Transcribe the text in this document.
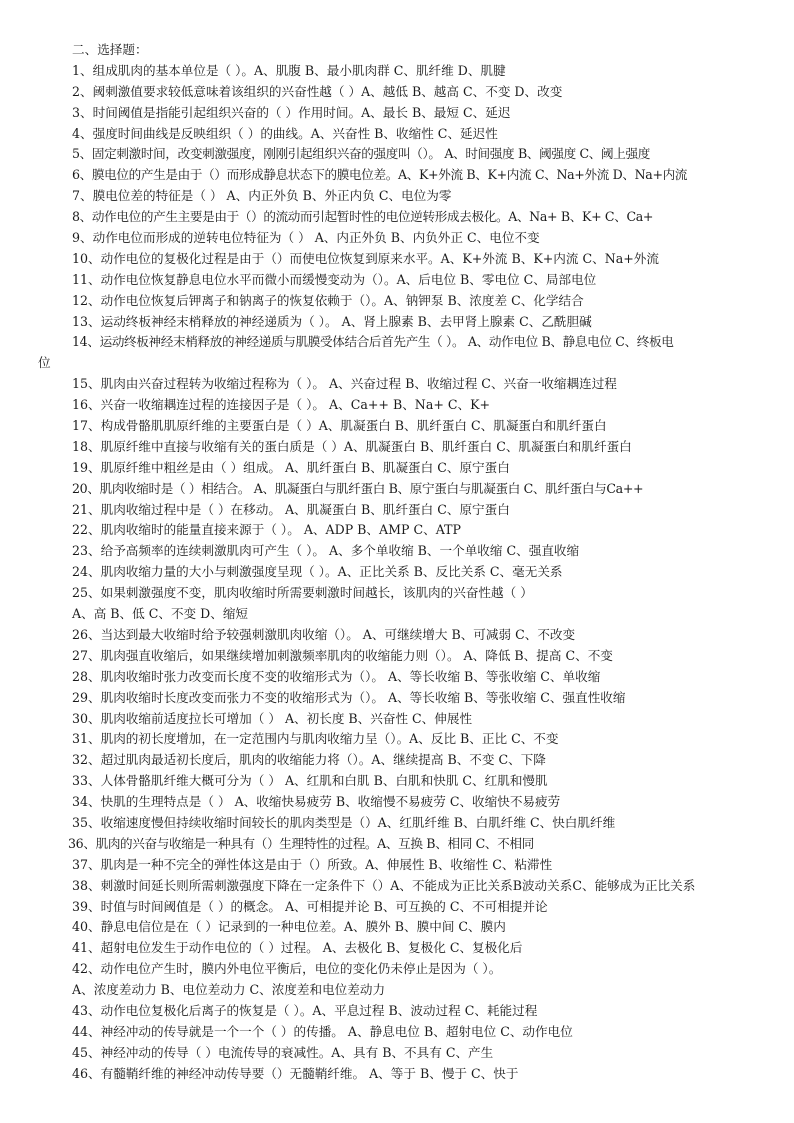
二、选择题：
1、组成肌肉的基本单位是（ ）。A、肌腹 B、最小肌肉群 C、肌纤维 D、肌腱
2、阈刺激值要求较低意味着该组织的兴奋性越（ ）A、越低 B、越高 C、不变 D、改变
3、时间阈值是指能引起组织兴奋的（ ）作用时间。A、最长 B、最短 C、延迟
4、强度时间曲线是反映组织（ ）的曲线。A、兴奋性 B、收缩性 C、延迟性
5、固定刺激时间，改变刺激强度，刚刚引起组织兴奋的强度叫（）。 A、时间强度 B、阈强度 C、阈上强度
6、膜电位的产生是由于（）而形成静息状态下的膜电位差。A、K+外流 B、K+内流 C、Na+外流 D、Na+内流
7、膜电位差的特征是（ ） A、内正外负 B、外正内负 C、电位为零
8、动作电位的产生主要是由于（）的流动而引起暂时性的电位逆转形成去极化。A、Na+ B、K+ C、Ca+
9、动作电位而形成的逆转电位特征为（ ） A、内正外负 B、内负外正 C、电位不变
10、动作电位的复极化过程是由于（）而使电位恢复到原来水平。A、K+外流 B、K+内流 C、Na+外流
11、动作电位恢复静息电位水平而微小而缓慢变动为（）。A、后电位 B、零电位 C、局部电位
12、动作电位恢复后钾离子和钠离子的恢复依赖于（）。A、钠钾泵 B、浓度差 C、化学结合
13、运动终板神经末梢释放的神经递质为（ ）。 A、肾上腺素 B、去甲肾上腺素 C、乙酰胆碱
14、运动终板神经末梢释放的神经递质与肌膜受体结合后首先产生（ ）。 A、动作电位 B、静息电位 C、终板电
位
15、肌肉由兴奋过程转为收缩过程称为（ ）。 A、兴奋过程 B、收缩过程 C、兴奋一收缩耦连过程
16、兴奋一收缩耦连过程的连接因子是（ ）。 A、Ca++ B、Na+ C、K+
17、构成骨骼肌肌原纤维的主要蛋白是（ ）A、肌凝蛋白 B、肌纤蛋白 C、肌凝蛋白和肌纤蛋白
18、肌原纤维中直接与收缩有关的蛋白质是（ ）A、肌凝蛋白 B、肌纤蛋白 C、肌凝蛋白和肌纤蛋白
19、肌原纤维中粗丝是由（ ）组成。 A、肌纤蛋白 B、肌凝蛋白 C、原宁蛋白
20、肌肉收缩时是（ ）相结合。 A、肌凝蛋白与肌纤蛋白 B、原宁蛋白与肌凝蛋白 C、肌纤蛋白与Ca++
21、肌肉收缩过程中是（ ）在移动。 A、肌凝蛋白 B、肌纤蛋白 C、原宁蛋白
22、肌肉收缩时的能量直接来源于（ ）。 A、ADP B、AMP C、ATP
23、给予高频率的连续刺激肌肉可产生（ ）。 A、多个单收缩 B、一个单收缩 C、强直收缩
24、肌肉收缩力量的大小与刺激强度呈现（ ）。A、正比关系 B、反比关系 C、毫无关系
25、如果刺激强度不变，肌肉收缩时所需要刺激时间越长，该肌肉的兴奋性越（ ）
A、高 B、低 C、不变 D、缩短
26、当达到最大收缩时给予较强刺激肌肉收缩（）。 A、可继续增大 B、可减弱 C、不改变
27、肌肉强直收缩后，如果继续增加刺激频率肌肉的收缩能力则（）。 A、降低 B、提高 C、不变
28、肌肉收缩时张力改变而长度不变的收缩形式为（）。 A、等长收缩 B、等张收缩 C、单收缩
29、肌肉收缩时长度改变而张力不变的收缩形式为（）。 A、等长收缩 B、等张收缩 C、强直性收缩
30、肌肉收缩前适度拉长可增加（ ） A、初长度 B、兴奋性 C、伸展性
31、肌肉的初长度增加，在一定范围内与肌肉收缩力呈（）。A、反比 B、正比 C、不变
32、超过肌肉最适初长度后，肌肉的收缩能力将（）。A、继续提高 B、不变 C、下降
33、人体骨骼肌纤维大概可分为（ ） A、红肌和白肌 B、白肌和快肌 C、红肌和慢肌
34、快肌的生理特点是（ ） A、收缩快易疲劳 B、收缩慢不易疲劳 C、收缩快不易疲劳
35、收缩速度慢但持续收缩时间较长的肌肉类型是（）A、红肌纤维 B、白肌纤维 C、快白肌纤维
36、肌肉的兴奋与收缩是一种具有（）生理特性的过程。A、互换 B、相同 C、不相同
37、肌肉是一种不完全的弹性体这是由于（）所致。A、伸展性 B、收缩性 C、粘滞性
38、刺激时间延长则所需刺激强度下降在一定条件下（）A、不能成为正比关系B波动关系C、能够成为正比关系
39、时值与时间阈值是（ ）的概念。 A、可相提并论 B、可互换的 C、不可相提并论
40、静息电信位是在（ ）记录到的一种电位差。A、膜外 B、膜中间 C、膜内
41、超射电位发生于动作电位的（ ）过程。 A、去极化 B、复极化 C、复极化后
42、动作电位产生时，膜内外电位平衡后，电位的变化仍未停止是因为（ ）。
A、浓度差动力 B、电位差动力 C、浓度差和电位差动力
43、动作电位复极化后离子的恢复是（ ）。A、平息过程 B、波动过程 C、耗能过程
44、神经冲动的传导就是一个一个（ ）的传播。 A、静息电位 B、超射电位 C、动作电位
45、神经冲动的传导（ ）电流传导的衰减性。A、具有 B、不具有 C、产生
46、有髓鞘纤维的神经冲动传导要（）无髓鞘纤维。 A、等于 B、慢于 C、快于
